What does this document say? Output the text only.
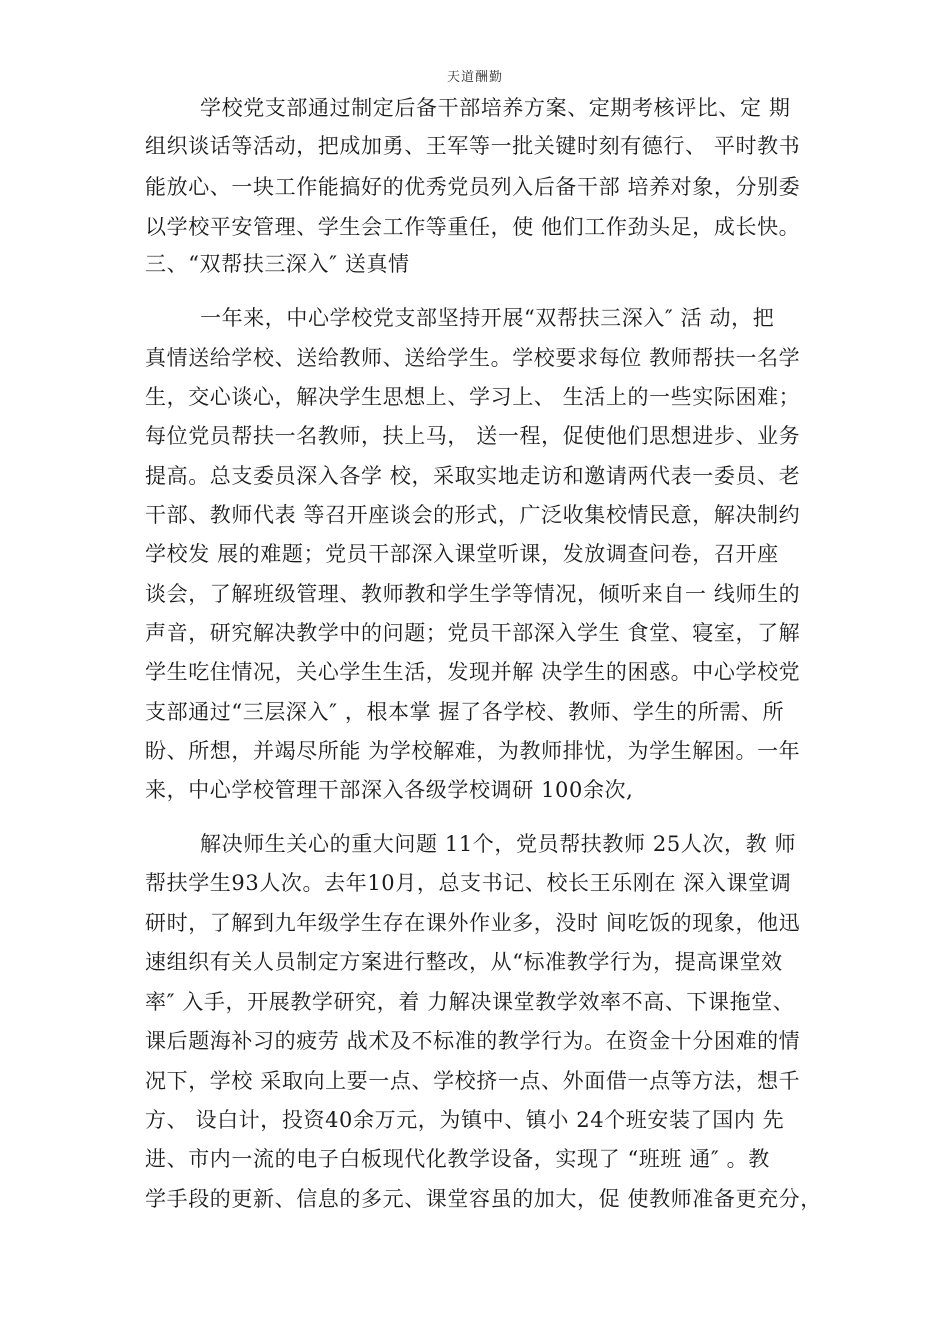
天道酬勤
学校党支部通过制定后备干部培养方案、定期考核评比、定 期
组织谈话等活动，把成加勇、王军等一批关键时刻有德行、 平时教书
能放心、一块工作能搞好的优秀党员列入后备干部 培养对象，分别委
以学校平安管理、学生会工作等重任，使 他们工作劲头足，成长快。
三、“双帮扶三深入″ 送真情
一年来，中心学校党支部坚持开展“双帮扶三深入″ 活 动，把
真情送给学校、送给教师、送给学生。学校要求每位 教师帮扶一名学
生，交心谈心，解决学生思想上、学习上、 生活上的一些实际困难；
每位党员帮扶一名教师，扶上马， 送一程，促使他们思想进步、业务
提高。总支委员深入各学 校，采取实地走访和邀请两代表一委员、老
干部、教师代表 等召开座谈会的形式，广泛收集校情民意，解决制约
学校发 展的难题；党员干部深入课堂听课，发放调查问卷，召开座
谈会，了解班级管理、教师教和学生学等情况，倾听来自一 线师生的
声音，研究解决教学中的问题；党员干部深入学生 食堂、寝室，了解
学生吃住情况，关心学生生活，发现并解 决学生的困惑。中心学校党
支部通过“三层深入″ ，根本掌 握了各学校、教师、学生的所需、所
盼、所想，并竭尽所能 为学校解难，为教师排忧，为学生解困。一年
来，中心学校管理干部深入各级学校调研 100余次,
解决师生关心的重大问题 11个，党员帮扶教师 25人次，教 师
帮扶学生93人次。去年10月，总支书记、校长王乐刚在 深入课堂调
研时，了解到九年级学生存在课外作业多，没时 间吃饭的现象，他迅
速组织有关人员制定方案进行整改，从“标准教学行为，提高课堂效
率″ 入手，开展教学研究，着 力解决课堂教学效率不高、下课拖堂、
课后题海补习的疲劳 战术及不标准的教学行为。在资金十分困难的情
况下，学校 采取向上要一点、学校挤一点、外面借一点等方法，想千
方、 设白计，投资40余万元，为镇中、镇小 24个班安装了国内 先
进、市内一流的电子白板现代化教学设备，实现了 “班班 通″ 。教
学手段的更新、信息的多元、课堂容虽的加大，促 使教师准备更充分，
